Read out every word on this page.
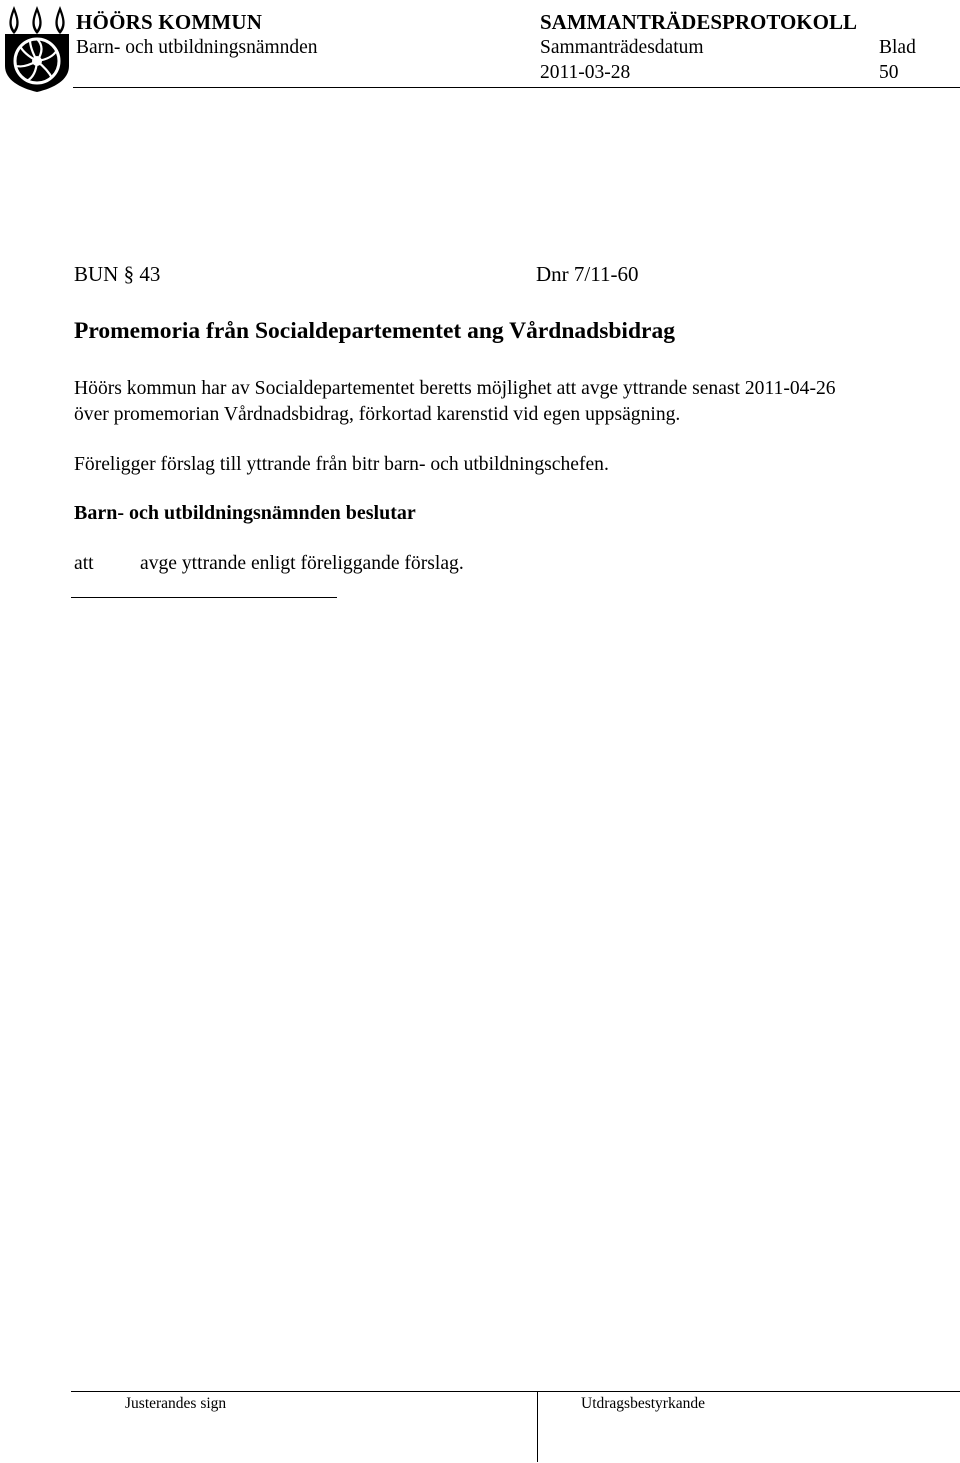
HÖÖRS KOMMUN
Barn- och utbildningsnämnden
SAMMANTRÄDESPROTOKOLL
Sammanträdesdatum
2011-03-28
Blad
50
BUN § 43	Dnr 7/11-60
Promemoria från Socialdepartementet ang Vårdnadsbidrag
Höörs kommun har av Socialdepartementet beretts möjlighet att avge yttrande senast 2011-04-26
över promemorian Vårdnadsbidrag, förkortad karenstid vid egen uppsägning.
Föreligger förslag till yttrande från bitr barn- och utbildningschefen.
Barn- och utbildningsnämnden beslutar
att avge yttrande enligt föreliggande förslag.
Justerandes sign	Utdragsbestyrkande
